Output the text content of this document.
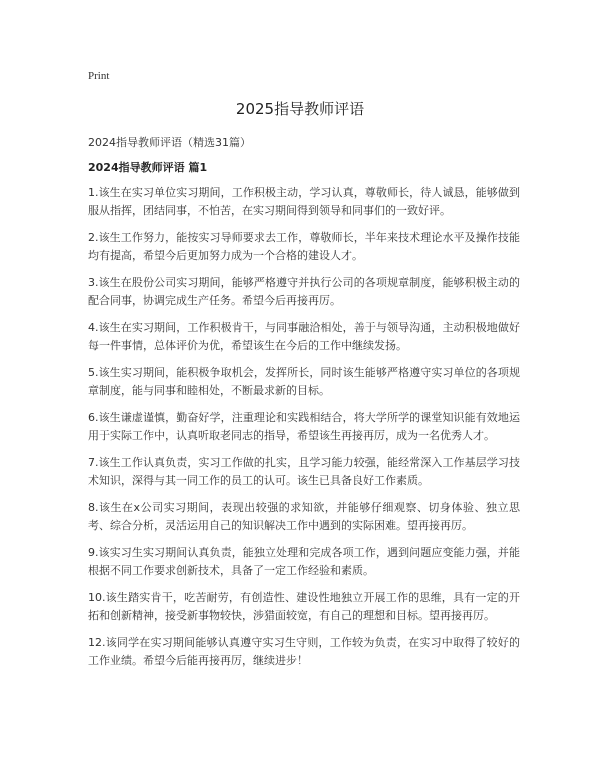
Print
2025指导教师评语

2024指导教师评语（精选31篇）

2024指导教师评语 篇1

1.该生在实习单位实习期间，工作积极主动，学习认真，尊敬师长，待人诚恳，能够做到服从指挥，团结同事，不怕苦，在实习期间得到领导和同事们的一致好评。

2.该生工作努力，能按实习导师要求去工作，尊敬师长，半年来技术理论水平及操作技能均有提高，希望今后更加努力成为一个合格的建设人才。

3.该生在股份公司实习期间，能够严格遵守并执行公司的各项规章制度，能够积极主动的配合同事，协调完成生产任务。希望今后再接再厉。

4.该生在实习期间，工作积极肯干，与同事融洽相处，善于与领导沟通，主动积极地做好每一件事情，总体评价为优，希望该生在今后的工作中继续发扬。

5.该生实习期间，能积极争取机会，发挥所长，同时该生能够严格遵守实习单位的各项规章制度，能与同事和睦相处，不断最求新的目标。

6.该生谦虚谨慎，勤奋好学，注重理论和实践相结合，将大学所学的课堂知识能有效地运用于实际工作中，认真听取老同志的指导，希望该生再接再厉，成为一名优秀人才。

7.该生工作认真负责，实习工作做的扎实，且学习能力较强，能经常深入工作基层学习技术知识，深得与其一同工作的员工的认可。该生已具备良好工作素质。

8.该生在x公司实习期间，表现出较强的求知欲，并能够仔细观察、切身体验、独立思考、综合分析，灵活运用自己的知识解决工作中遇到的实际困难。望再接再厉。

9.该实习生实习期间认真负责，能独立处理和完成各项工作，遇到问题应变能力强，并能根据不同工作要求创新技术，具备了一定工作经验和素质。

10.该生踏实肯干，吃苦耐劳，有创造性、建设性地独立开展工作的思维，具有一定的开拓和创新精神，接受新事物较快，涉猎面较宽，有自己的理想和目标。望再接再厉。

12.该同学在实习期间能够认真遵守实习生守则，工作较为负责，在实习中取得了较好的工作业绩。希望今后能再接再厉，继续进步！
